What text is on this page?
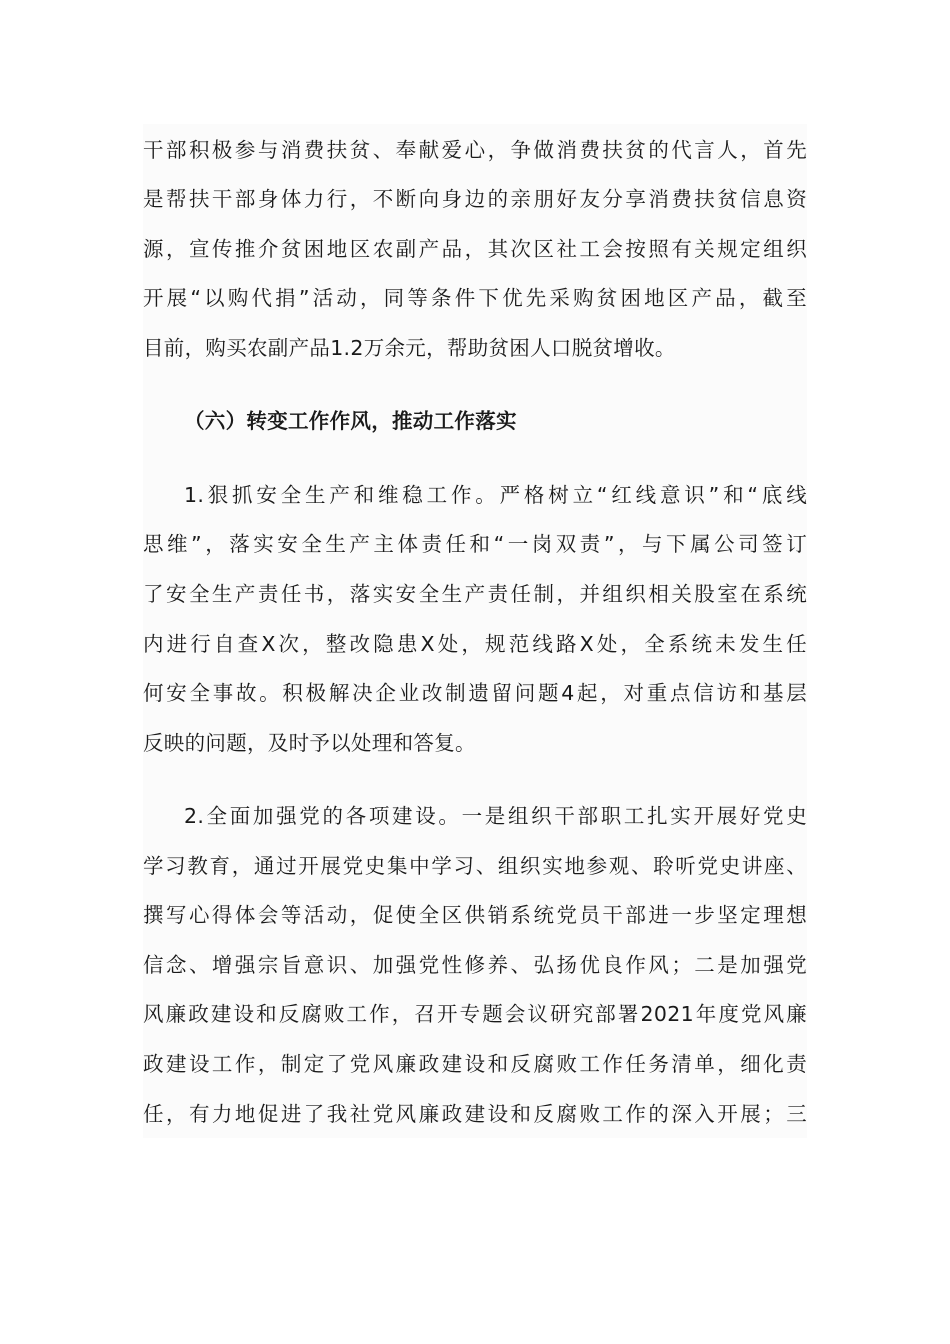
干部积极参与消费扶贫、奉献爱心，争做消费扶贫的代言人，首先
是帮扶干部身体力行，不断向身边的亲朋好友分享消费扶贫信息资
源，宣传推介贫困地区农副产品，其次区社工会按照有关规定组织
开展“以购代捐”活动，同等条件下优先采购贫困地区产品，截至
目前，购买农副产品1.2万余元，帮助贫困人口脱贫增收。
（六）转变工作作风，推动工作落实
1.狠抓安全生产和维稳工作。严格树立“红线意识”和“底线
思维”，落实安全生产主体责任和“一岗双责”，与下属公司签订
了安全生产责任书，落实安全生产责任制，并组织相关股室在系统
内进行自查X次，整改隐患X处，规范线路X处，全系统未发生任
何安全事故。积极解决企业改制遗留问题4起，对重点信访和基层
反映的问题，及时予以处理和答复。
2.全面加强党的各项建设。一是组织干部职工扎实开展好党史
学习教育，通过开展党史集中学习、组织实地参观、聆听党史讲座、
撰写心得体会等活动，促使全区供销系统党员干部进一步坚定理想
信念、增强宗旨意识、加强党性修养、弘扬优良作风；二是加强党
风廉政建设和反腐败工作，召开专题会议研究部署2021年度党风廉
政建设工作，制定了党风廉政建设和反腐败工作任务清单，细化责
任，有力地促进了我社党风廉政建设和反腐败工作的深入开展；三
